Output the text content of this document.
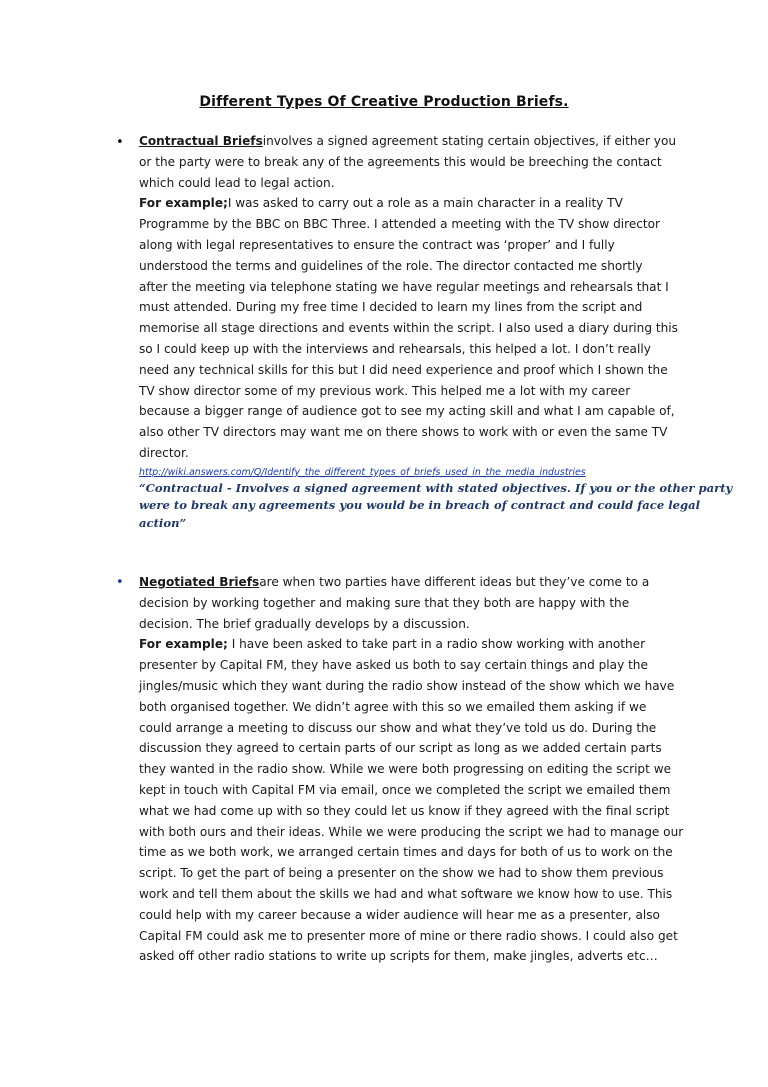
Different Types Of Creative Production Briefs.
• Contractual Briefsinvolves a signed agreement stating certain objectives, if either you

or the party were to break any of the agreements this would be breeching the contact

which could lead to legal action.

For example;I was asked to carry out a role as a main character in a reality TV

Programme by the BBC on BBC Three. I attended a meeting with the TV show director

along with legal representatives to ensure the contract was ‘proper’ and I fully

understood the terms and guidelines of the role. The director contacted me shortly

after the meeting via telephone stating we have regular meetings and rehearsals that I

must attended. During my free time I decided to learn my lines from the script and

memorise all stage directions and events within the script. I also used a diary during this

so I could keep up with the interviews and rehearsals, this helped a lot. I don’t really

need any technical skills for this but I did need experience and proof which I shown the

TV show director some of my previous work. This helped me a lot with my career

because a bigger range of audience got to see my acting skill and what I am capable of,

also other TV directors may want me on there shows to work with or even the same TV

director.

http://wiki.answers.com/Q/Identify_the_different_types_of_briefs_used_in_the_media_industries
“Contractual - Involves a signed agreement with stated objectives. If you or the other party
were to break any agreements you would be in breach of contract and could face legal
action”
• Negotiated Briefsare when two parties have different ideas but they’ve come to a

decision by working together and making sure that they both are happy with the

decision. The brief gradually develops by a discussion.

For example; I have been asked to take part in a radio show working with another

presenter by Capital FM, they have asked us both to say certain things and play the

jingles/music which they want during the radio show instead of the show which we have

both organised together. We didn’t agree with this so we emailed them asking if we

could arrange a meeting to discuss our show and what they’ve told us do. During the

discussion they agreed to certain parts of our script as long as we added certain parts

they wanted in the radio show. While we were both progressing on editing the script we

kept in touch with Capital FM via email, once we completed the script we emailed them

what we had come up with so they could let us know if they agreed with the final script

with both ours and their ideas. While we were producing the script we had to manage our

time as we both work, we arranged certain times and days for both of us to work on the

script. To get the part of being a presenter on the show we had to show them previous

work and tell them about the skills we had and what software we know how to use. This

could help with my career because a wider audience will hear me as a presenter, also

Capital FM could ask me to presenter more of mine or there radio shows. I could also get

asked off other radio stations to write up scripts for them, make jingles, adverts etc…
